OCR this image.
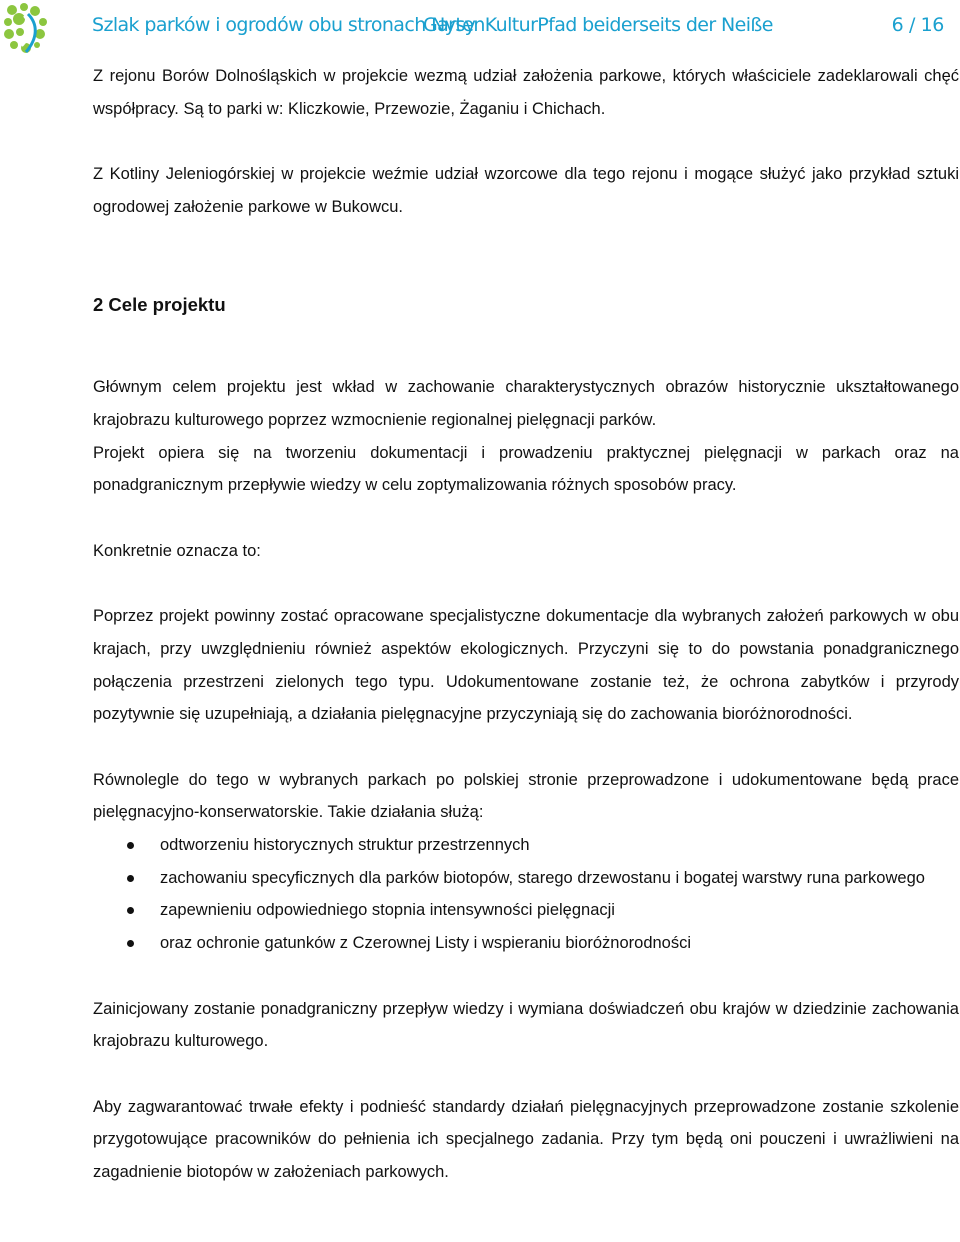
Szlak parków i ogrodów obu stronach Nysy
GartenKulturPfad beiderseits der Neiße	6 / 16

Z rejonu Borów Dolnośląskich w projekcie wezmą udział założenia parkowe, których właściciele zadeklarowali chęć współpracy. Są to parki w: Kliczkowie, Przewozie, Żaganiu i Chichach.

Z Kotliny Jeleniogórskiej w projekcie weźmie udział wzorcowe dla tego rejonu i mogące służyć jako przykład sztuki ogrodowej założenie parkowe w Bukowcu.

2 Cele projektu

Głównym celem projektu jest wkład w zachowanie charakterystycznych obrazów historycznie ukształtowanego krajobrazu kulturowego poprzez wzmocnienie regionalnej pielęgnacji parków.

Projekt opiera się na tworzeniu dokumentacji i prowadzeniu praktycznej pielęgnacji w parkach oraz na ponadgranicznym przepływie wiedzy w celu zoptymalizowania różnych sposobów pracy.

Konkretnie oznacza to:

Poprzez projekt powinny zostać opracowane specjalistyczne dokumentacje dla wybranych założeń parkowych w obu krajach, przy uwzględnieniu również aspektów ekologicznych. Przyczyni się to do powstania ponadgranicznego połączenia przestrzeni zielonych tego typu. Udokumentowane zostanie też, że ochrona zabytków i przyrody pozytywnie się uzupełniają, a działania pielęgnacyjne przyczyniają się do zachowania bioróżnorodności.

Równolegle do tego w wybranych parkach po polskiej stronie przeprowadzone i udokumentowane będą prace pielęgnacyjno-konserwatorskie. Takie działania służą:

odtworzeniu historycznych struktur przestrzennych
zachowaniu specyficznych dla parków biotopów, starego drzewostanu i bogatej warstwy runa parkowego
zapewnieniu odpowiedniego stopnia intensywności pielęgnacji
oraz ochronie gatunków z Czerownej Listy i wspieraniu bioróżnorodności

Zainicjowany zostanie ponadgraniczny przepływ wiedzy i wymiana doświadczeń obu krajów w dziedzinie zachowania krajobrazu kulturowego.

Aby zagwarantować trwałe efekty i podnieść standardy działań pielęgnacyjnych przeprowadzone zostanie szkolenie przygotowujące pracowników do pełnienia ich specjalnego zadania. Przy tym będą oni pouczeni i uwrażliwieni na zagadnienie biotopów w założeniach parkowych.
